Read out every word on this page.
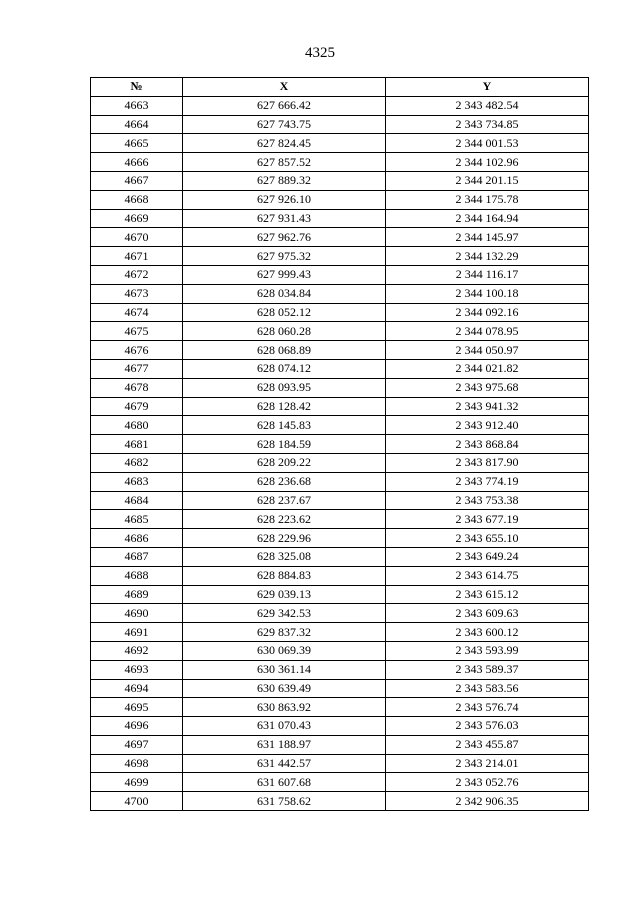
4325
№	X	Y
4663	627 666.42	2 343 482.54
4664	627 743.75	2 343 734.85
4665	627 824.45	2 344 001.53
4666	627 857.52	2 344 102.96
4667	627 889.32	2 344 201.15
4668	627 926.10	2 344 175.78
4669	627 931.43	2 344 164.94
4670	627 962.76	2 344 145.97
4671	627 975.32	2 344 132.29
4672	627 999.43	2 344 116.17
4673	628 034.84	2 344 100.18
4674	628 052.12	2 344 092.16
4675	628 060.28	2 344 078.95
4676	628 068.89	2 344 050.97
4677	628 074.12	2 344 021.82
4678	628 093.95	2 343 975.68
4679	628 128.42	2 343 941.32
4680	628 145.83	2 343 912.40
4681	628 184.59	2 343 868.84
4682	628 209.22	2 343 817.90
4683	628 236.68	2 343 774.19
4684	628 237.67	2 343 753.38
4685	628 223.62	2 343 677.19
4686	628 229.96	2 343 655.10
4687	628 325.08	2 343 649.24
4688	628 884.83	2 343 614.75
4689	629 039.13	2 343 615.12
4690	629 342.53	2 343 609.63
4691	629 837.32	2 343 600.12
4692	630 069.39	2 343 593.99
4693	630 361.14	2 343 589.37
4694	630 639.49	2 343 583.56
4695	630 863.92	2 343 576.74
4696	631 070.43	2 343 576.03
4697	631 188.97	2 343 455.87
4698	631 442.57	2 343 214.01
4699	631 607.68	2 343 052.76
4700	631 758.62	2 342 906.35
